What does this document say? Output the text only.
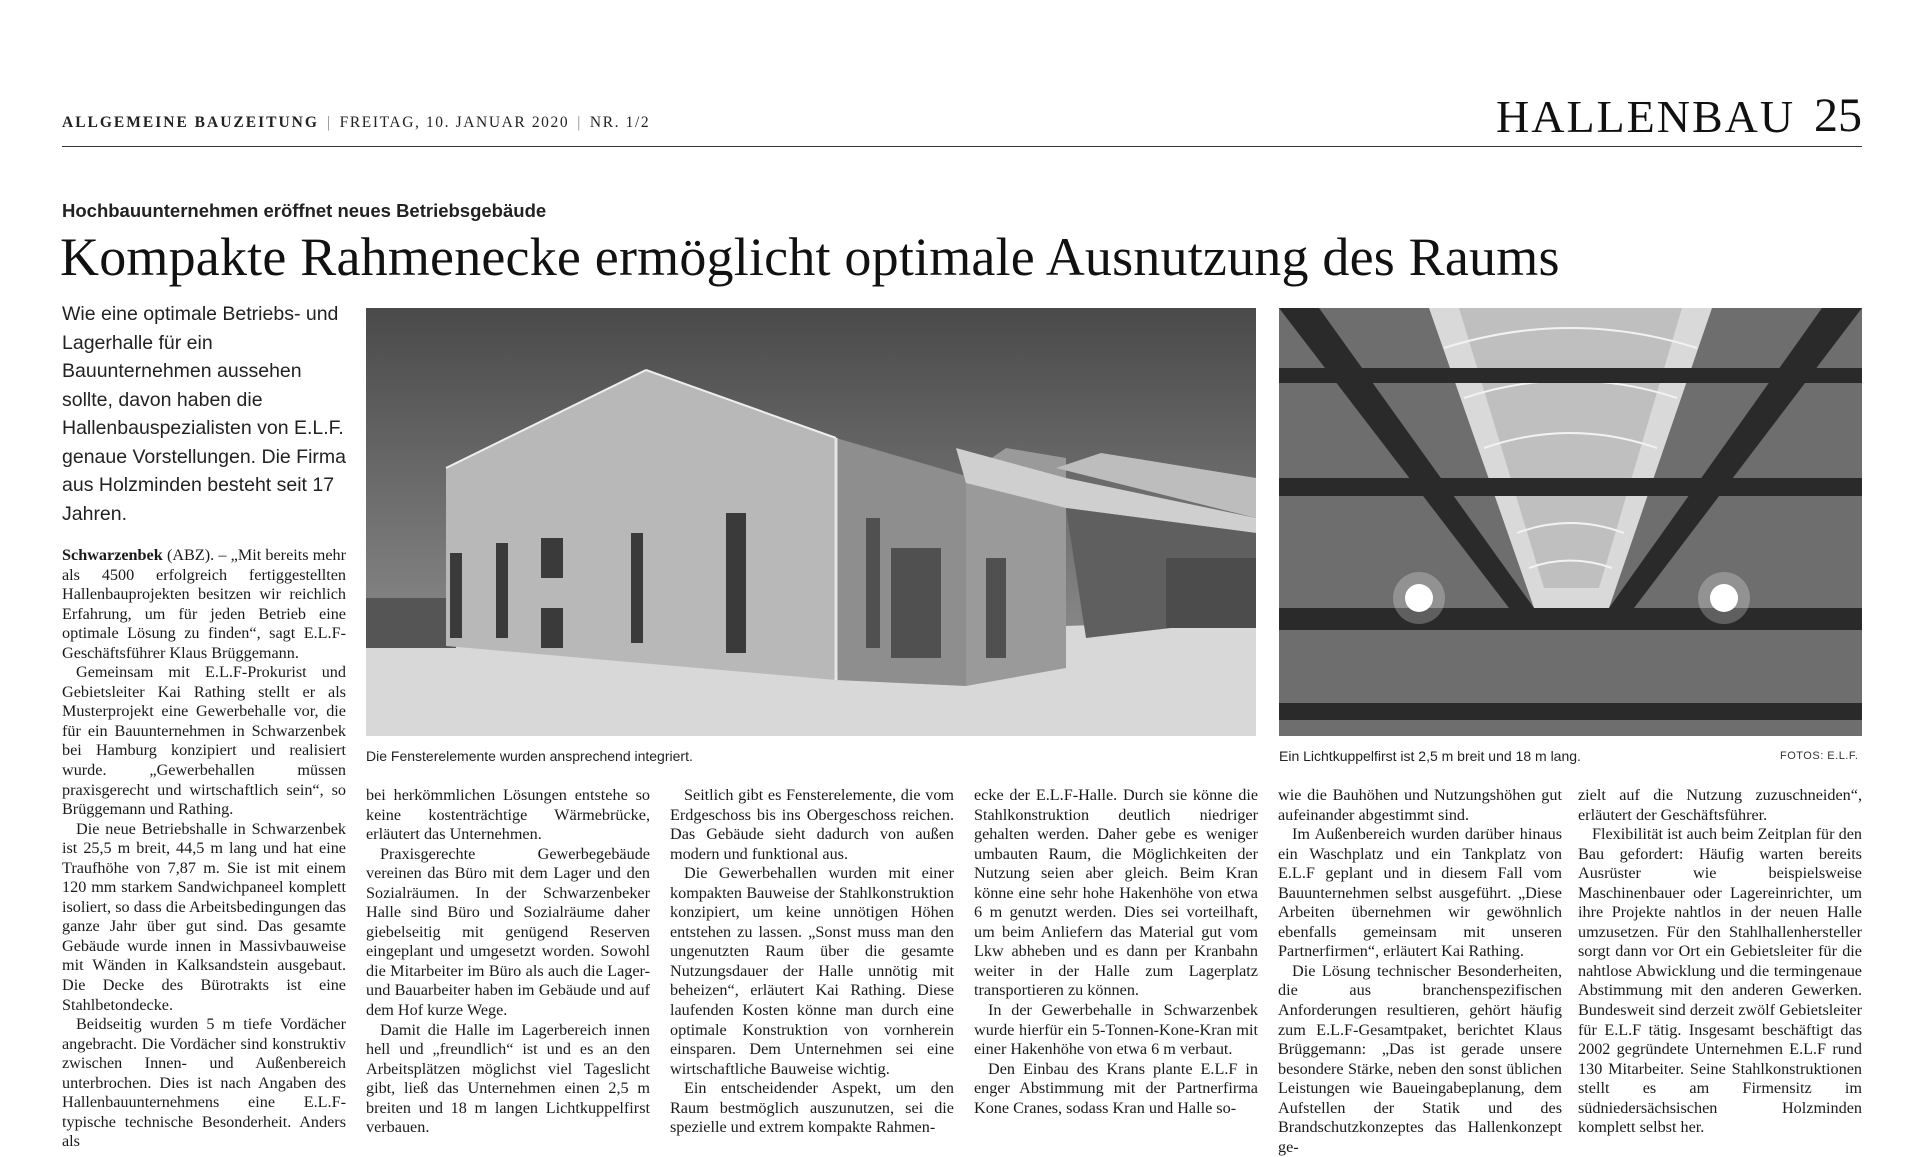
ALLGEMEINE BAUZEITUNG | FREITAG, 10. JANUAR 2020 | NR. 1/2	HALLENBAU 25
Hochbauunternehmen eröffnet neues Betriebsgebäude
Kompakte Rahmenecke ermöglicht optimale Ausnutzung des Raums
Wie eine optimale Betriebs- und Lagerhalle für ein Bauunternehmen aussehen sollte, davon haben die Hallenbauspezialisten von E.L.F. genaue Vorstellungen. Die Firma aus Holzminden besteht seit 17 Jahren.
Die Fensterelemente wurden ansprechend integriert.	Ein Lichtkuppelfirst ist 2,5 m breit und 18 m lang.	FOTOS: E.L.F.

Schwarzenbek (ABZ). – „Mit bereits mehr als 4500 erfolgreich fertiggestellten Hallenbauprojekten besitzen wir reichlich Erfahrung, um für jeden Betrieb eine optimale Lösung zu finden“, sagt E.L.F-Geschäftsführer Klaus Brüggemann.

Gemeinsam mit E.L.F-Prokurist und Gebietsleiter Kai Rathing stellt er als Musterprojekt eine Gewerbehalle vor, die für ein Bauunternehmen in Schwarzenbek bei Hamburg konzipiert und realisiert wurde. „Gewerbehallen müssen praxisgerecht und wirtschaftlich sein“, so Brüggemann und Rathing.

Die neue Betriebshalle in Schwarzenbek ist 25,5 m breit, 44,5 m lang und hat eine Traufhöhe von 7,87 m. Sie ist mit einem 120 mm starkem Sandwichpaneel komplett isoliert, so dass die Arbeitsbedingungen das ganze Jahr über gut sind. Das gesamte Gebäude wurde innen in Massivbauweise mit Wänden in Kalksandstein ausgebaut. Die Decke des Bürotrakts ist eine Stahlbetondecke.

Beidseitig wurden 5 m tiefe Vordächer angebracht. Die Vordächer sind konstruktiv zwischen Innen- und Außenbereich unterbrochen. Dies ist nach Angaben des Hallenbauunternehmens eine E.L.F-typische technische Besonderheit. Anders als

bei herkömmlichen Lösungen entstehe so keine kostenträchtige Wärmebrücke, erläutert das Unternehmen.

Praxisgerechte Gewerbegebäude vereinen das Büro mit dem Lager und den Sozialräumen. In der Schwarzenbeker Halle sind Büro und Sozialräume daher giebelseitig mit genügend Reserven eingeplant und umgesetzt worden. Sowohl die Mitarbeiter im Büro als auch die Lager- und Bauarbeiter haben im Gebäude und auf dem Hof kurze Wege.

Damit die Halle im Lagerbereich innen hell und „freundlich“ ist und es an den Arbeitsplätzen möglichst viel Tageslicht gibt, ließ das Unternehmen einen 2,5 m breiten und 18 m langen Lichtkuppelfirst verbauen.

Seitlich gibt es Fensterelemente, die vom Erdgeschoss bis ins Obergeschoss reichen. Das Gebäude sieht dadurch von außen modern und funktional aus.

Die Gewerbehallen wurden mit einer kompakten Bauweise der Stahlkonstruktion konzipiert, um keine unnötigen Höhen entstehen zu lassen. „Sonst muss man den ungenutzten Raum über die gesamte Nutzungsdauer der Halle unnötig mit beheizen“, erläutert Kai Rathing. Diese laufenden Kosten könne man durch eine optimale Konstruktion von vornherein einsparen. Dem Unternehmen sei eine wirtschaftliche Bauweise wichtig.

Ein entscheidender Aspekt, um den Raum bestmöglich auszunutzen, sei die spezielle und extrem kompakte Rahmen-

ecke der E.L.F-Halle. Durch sie könne die Stahlkonstruktion deutlich niedriger gehalten werden. Daher gebe es weniger umbauten Raum, die Möglichkeiten der Nutzung seien aber gleich. Beim Kran könne eine sehr hohe Hakenhöhe von etwa 6 m genutzt werden. Dies sei vorteilhaft, um beim Anliefern das Material gut vom Lkw abheben und es dann per Kranbahn weiter in der Halle zum Lagerplatz transportieren zu können.

In der Gewerbehalle in Schwarzenbek wurde hierfür ein 5-Tonnen-Kone-Kran mit einer Hakenhöhe von etwa 6 m verbaut.

Den Einbau des Krans plante E.L.F in enger Abstimmung mit der Partnerfirma Kone Cranes, sodass Kran und Halle so-

wie die Bauhöhen und Nutzungshöhen gut aufeinander abgestimmt sind.

Im Außenbereich wurden darüber hinaus ein Waschplatz und ein Tankplatz von E.L.F geplant und in diesem Fall vom Bauunternehmen selbst ausgeführt. „Diese Arbeiten übernehmen wir gewöhnlich ebenfalls gemeinsam mit unseren Partnerfirmen“, erläutert Kai Rathing.

Die Lösung technischer Besonderheiten, die aus branchenspezifischen Anforderungen resultieren, gehört häufig zum E.L.F-Gesamtpaket, berichtet Klaus Brüggemann: „Das ist gerade unsere besondere Stärke, neben den sonst üblichen Leistungen wie Baueingabeplanung, dem Aufstellen der Statik und des Brandschutzkonzeptes das Hallenkonzept ge-

zielt auf die Nutzung zuzuschneiden“, erläutert der Geschäftsführer.

Flexibilität ist auch beim Zeitplan für den Bau gefordert: Häufig warten bereits Ausrüster wie beispielsweise Maschinenbauer oder Lagereinrichter, um ihre Projekte nahtlos in der neuen Halle umzusetzen. Für den Stahlhallenhersteller sorgt dann vor Ort ein Gebietsleiter für die nahtlose Abwicklung und die termingenaue Abstimmung mit den anderen Gewerken. Bundesweit sind derzeit zwölf Gebietsleiter für E.L.F tätig. Insgesamt beschäftigt das 2002 gegründete Unternehmen E.L.F rund 130 Mitarbeiter. Seine Stahlkonstruktionen stellt es am Firmensitz im südniedersächsischen Holzminden komplett selbst her.
